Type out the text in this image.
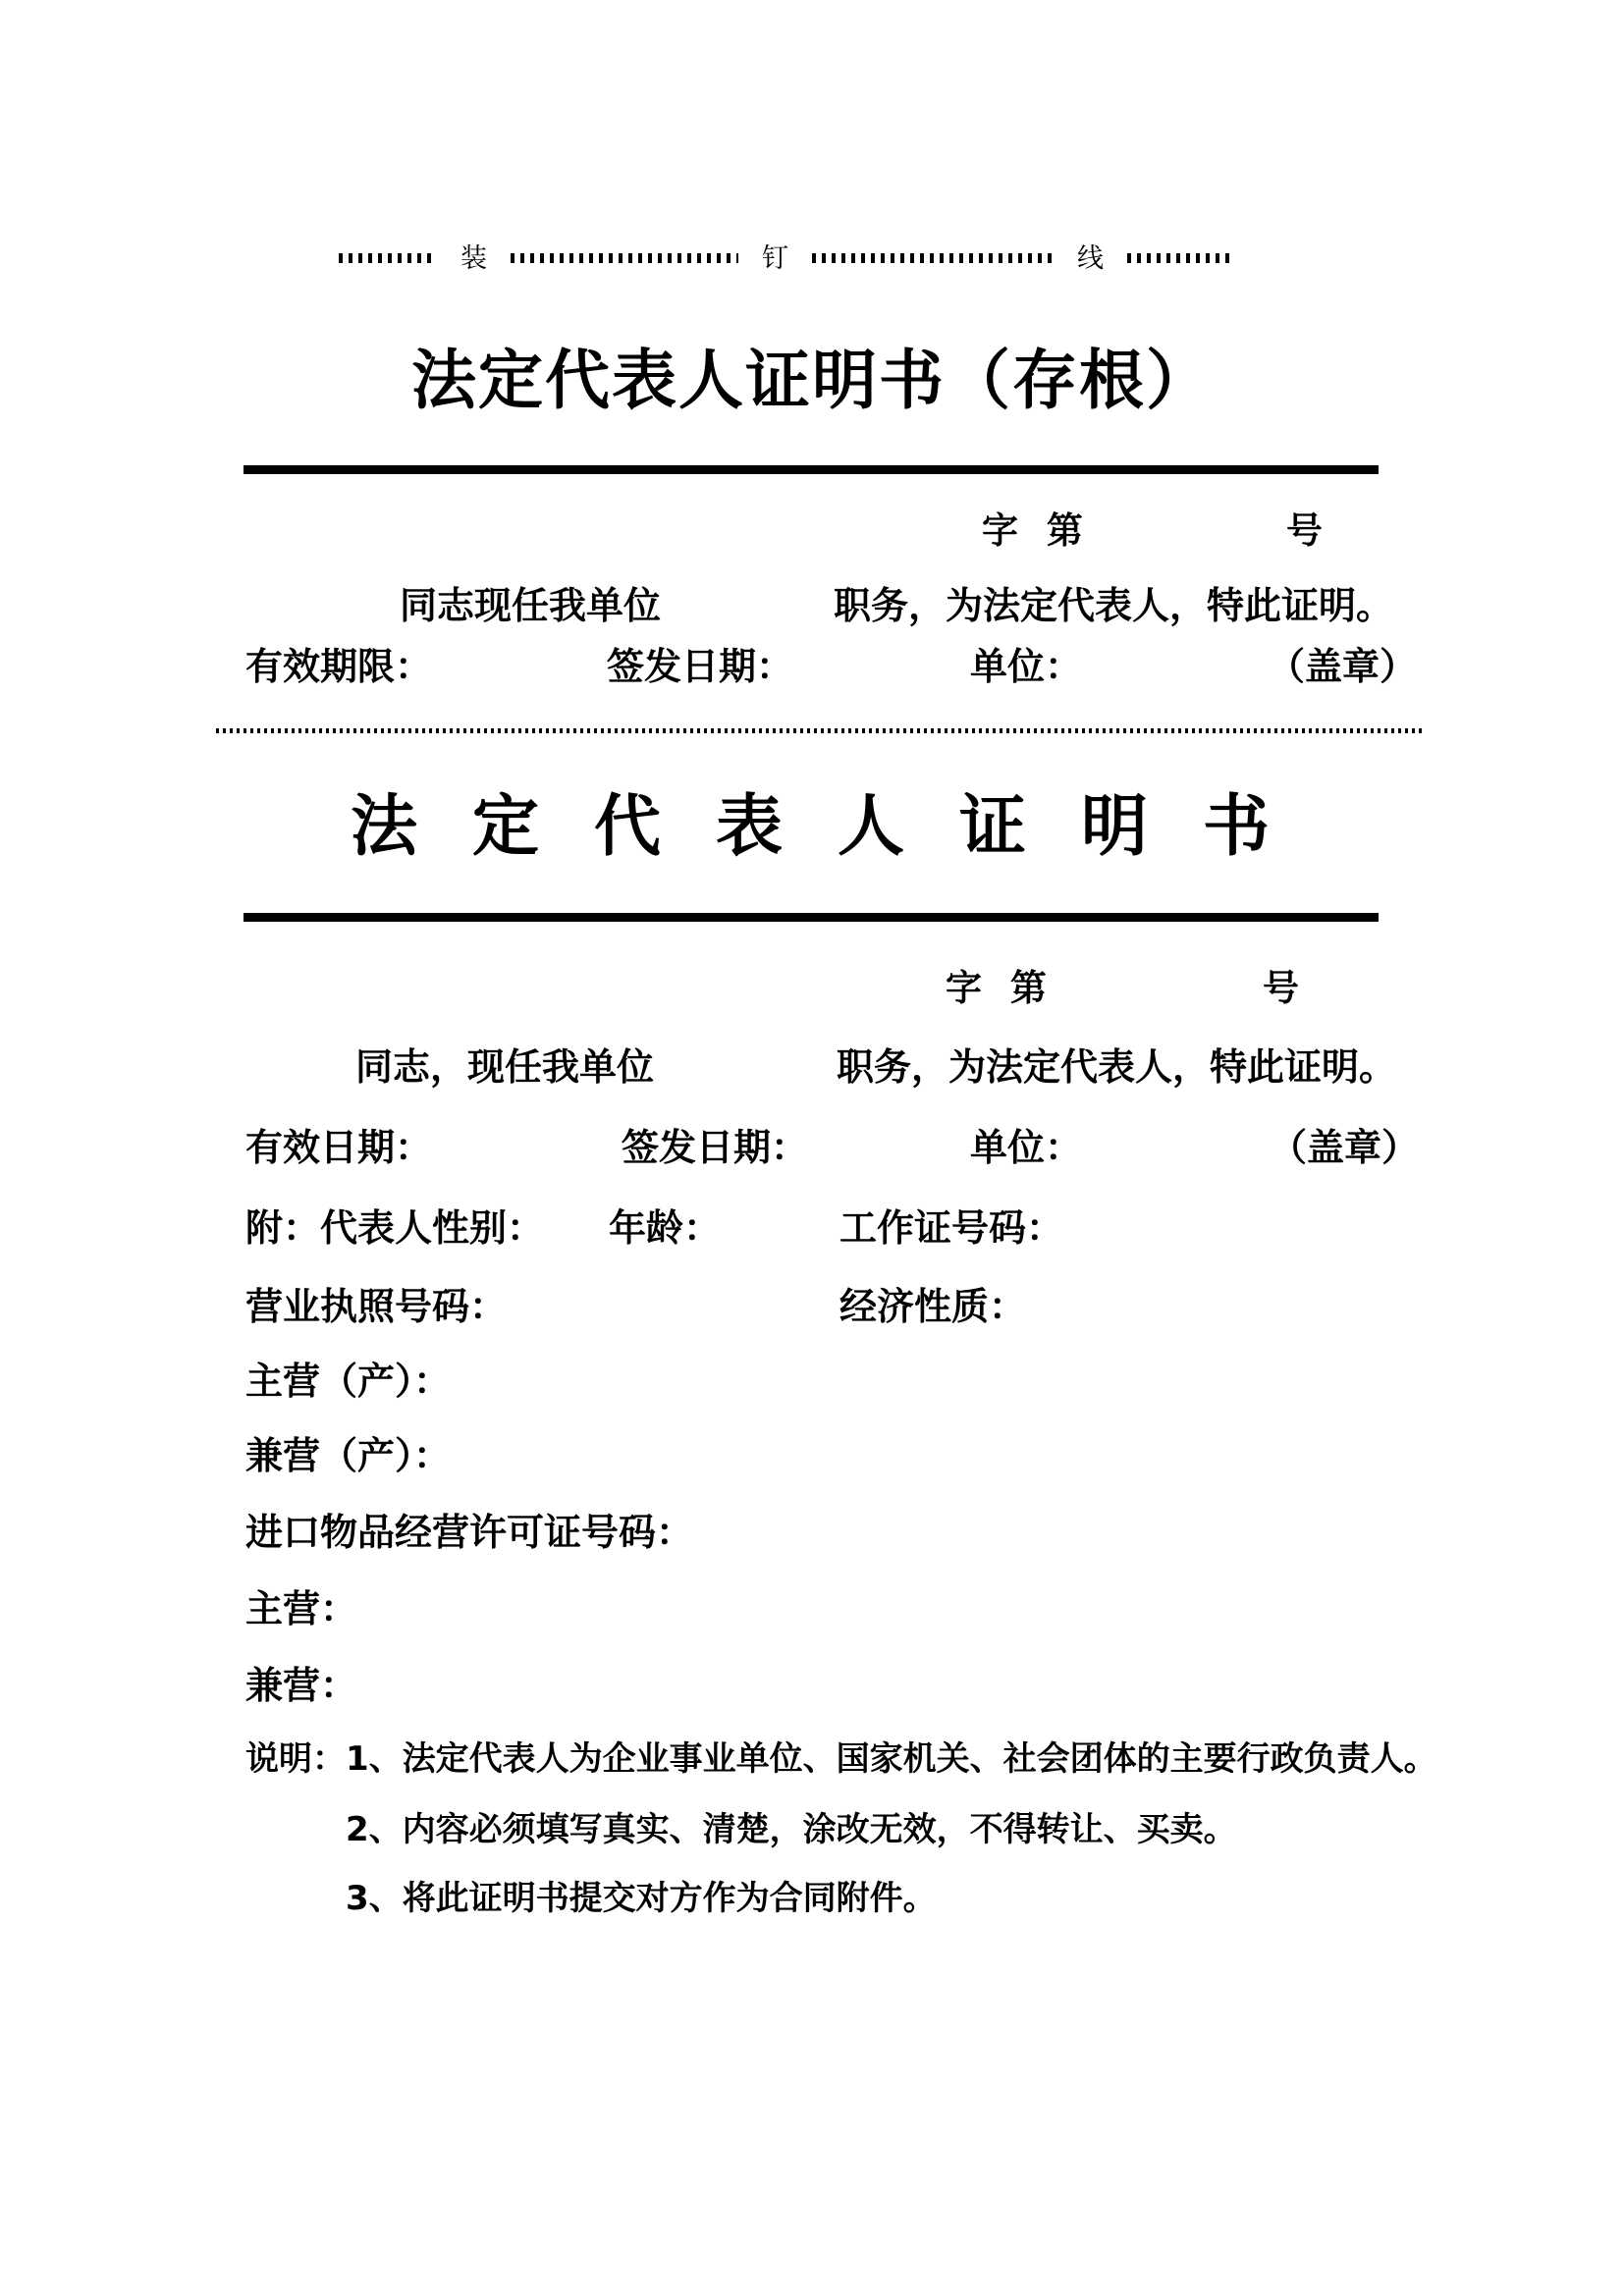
装	钉	线
法定代表人证明书（存根）
字 第	号
同志现任我单位	职务，为法定代表人，特此证明。
有效期限：	签发日期：	单位：	（盖章）
法定代表人证明书
字 第	号
同志，现任我单位	职务，为法定代表人，特此证明。
有效日期：	签发日期：	单位：	（盖章）
附：代表人性别： 年龄：	工作证号码：
营业执照号码：	经济性质：
主营（产）：
兼营（产）：
进口物品经营许可证号码：
主营：
兼营：
说明： 1、法定代表人为企业事业单位、国家机关、社会团体的主要行政负责人。
2、内容必须填写真实、清楚，涂改无效，不得转让、买卖。
3、将此证明书提交对方作为合同附件。
